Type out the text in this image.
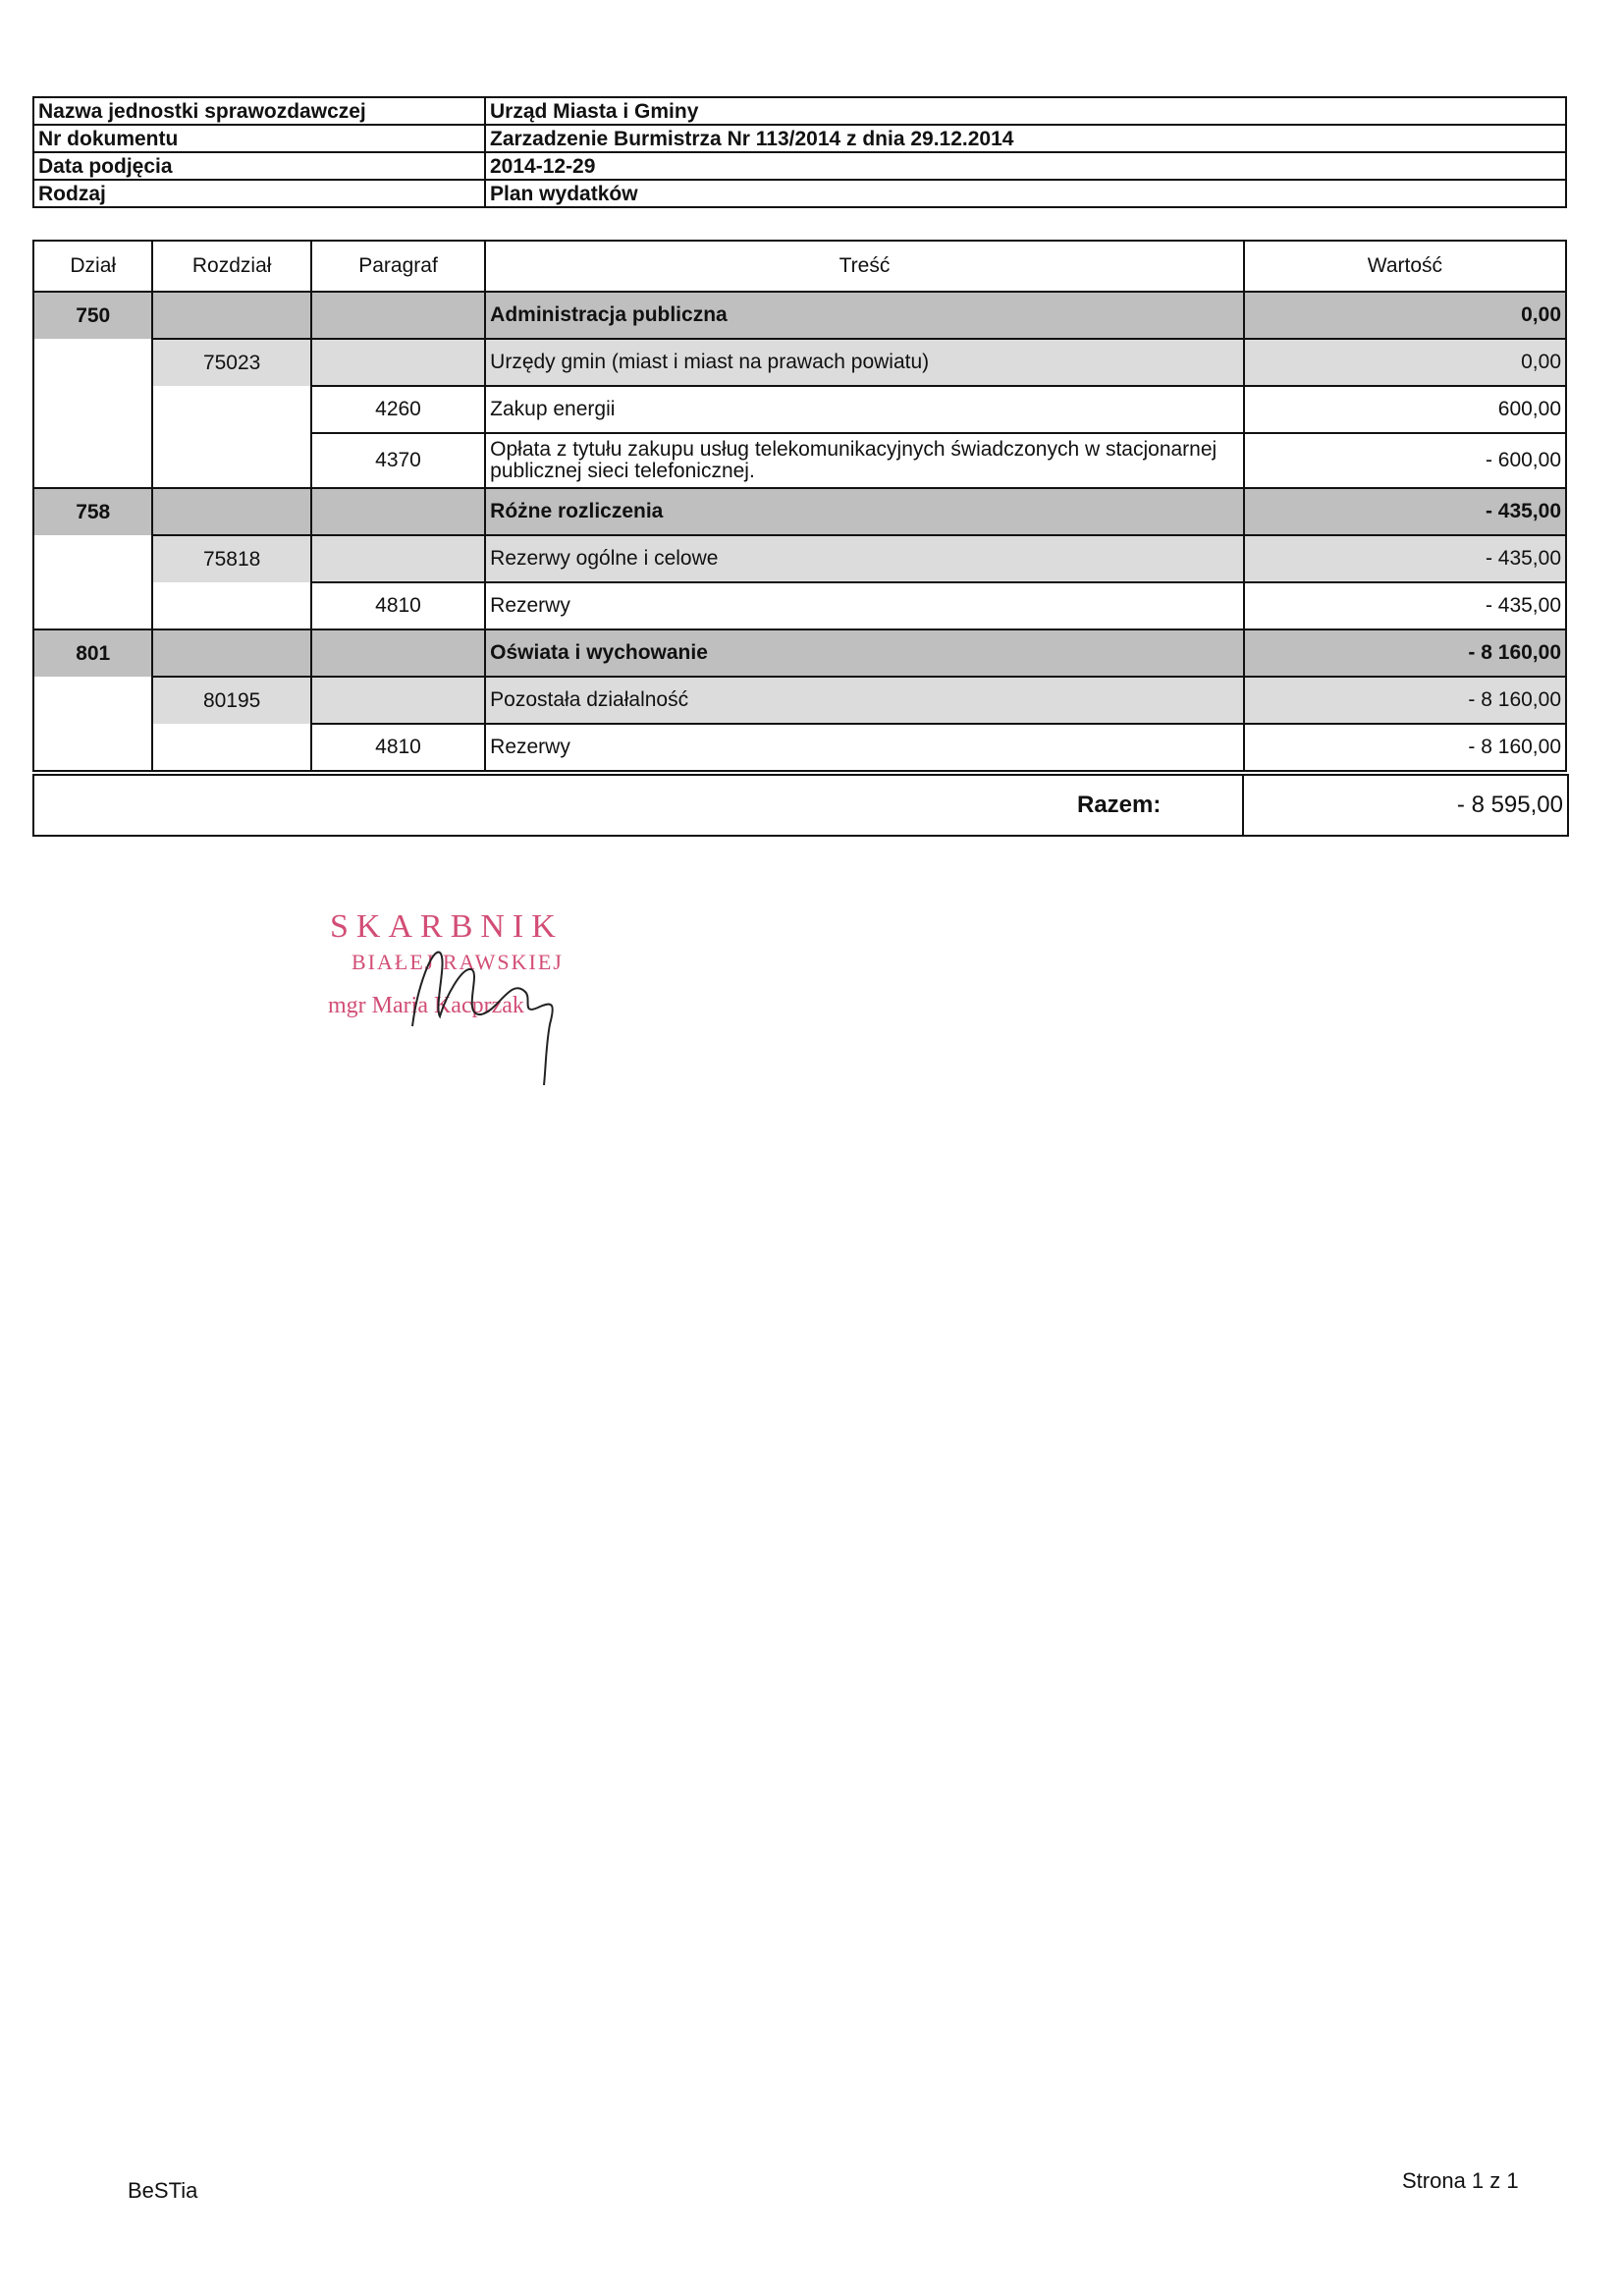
Nazwa jednostki sprawozdawczej	Urząd Miasta i Gminy
Nr dokumentu	Zarzadzenie Burmistrza Nr 113/2014 z dnia 29.12.2014
Data podjęcia	2014-12-29
Rodzaj	Plan wydatków
Dział	Rozdział	Paragraf	Treść	Wartość
750			Administracja publiczna	0,00
	75023		Urzędy gmin (miast i miast na prawach powiatu)	0,00
		4260	Zakup energii	600,00
		4370	Opłata z tytułu zakupu usług telekomunikacyjnych świadczonych w stacjonarnej publicznej sieci telefonicznej.	- 600,00
758			Różne rozliczenia	- 435,00
	75818		Rezerwy ogólne i celowe	- 435,00
		4810	Rezerwy	- 435,00
801			Oświata i wychowanie	- 8 160,00
	80195		Pozostała działalność	- 8 160,00
		4810	Rezerwy	- 8 160,00
Razem:	- 8 595,00
SKARBNIK
BIAŁEJ RAWSKIEJ
mgr Maria Kacprzak
BeSTia	Strona 1 z 1
